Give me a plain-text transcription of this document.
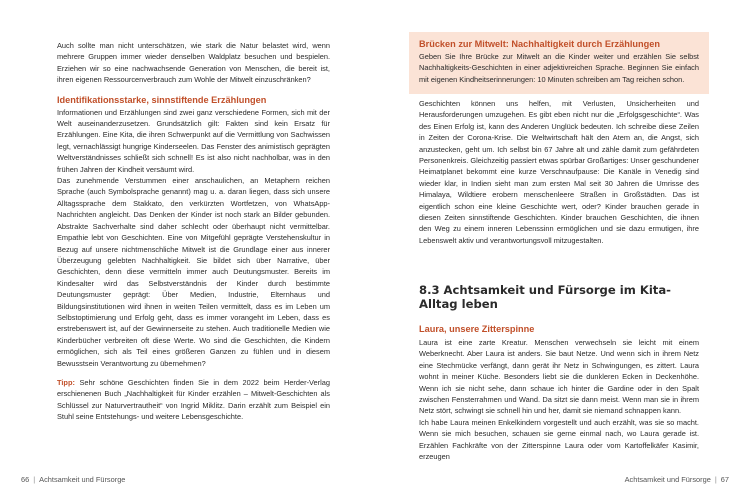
Auch sollte man nicht unterschätzen, wie stark die Natur belastet wird, wenn mehrere Gruppen immer wieder denselben Waldplatz besuchen und bespielen. Erziehen wir so eine nachwachsende Generation von Menschen, die bereit ist, ihren eigenen Ressourcenverbrauch zum Wohle der Mitwelt einzuschränken?

Identifikationsstarke, sinnstiftende Erzählungen

Informationen und Erzählungen sind zwei ganz verschiedene Formen, sich mit der Welt auseinanderzusetzen. Grundsätzlich gilt: Fakten sind kein Ersatz für Erzählungen. Eine Kita, die ihren Schwerpunkt auf die Vermittlung von Sachwissen legt, vernachlässigt hungrige Kinderseelen. Das Fenster des animistisch geprägten Weltverständnisses schließt sich schnell! Es ist also nicht nachholbar, was in den frühen Jahren der Kindheit versäumt wird.

Das zunehmende Verstummen einer anschaulichen, an Metaphern reichen Sprache (auch Symbolsprache genannt) mag u. a. daran liegen, dass sich unsere Alltagssprache dem Stakkato, den verkürzten Wortfetzen, von WhatsApp-Nachrichten angleicht. Das Denken der Kinder ist noch stark an Bilder gebunden. Abstrakte Sachverhalte sind daher schlecht oder überhaupt nicht vermittelbar. Empathie lebt von Geschichten. Eine von Mitgefühl geprägte Verstehenskultur in Bezug auf unsere nichtmenschliche Mitwelt ist die Grundlage einer aus innerer Überzeugung gelebten Nachhaltigkeit. Sie bildet sich über Narrative, über Geschichten, denn diese vermitteln immer auch Deutungsmuster. Bereits im Kindesalter wird das Selbstverständnis der Kinder durch bestimmte Deutungsmuster geprägt: Über Medien, Industrie, Elternhaus und Bildungsinstitutionen wird ihnen in weiten Teilen vermittelt, dass es im Leben um Selbstoptimierung und Erfolg geht, dass es immer vorangeht im Leben, dass es erstrebenswert ist, auf der Gewinnerseite zu stehen. Auch traditionelle Medien wie Kinderbücher verbreiten oft diese Werte. Wo sind die Geschichten, die Kindern ermöglichen, sich als Teil eines größeren Ganzen zu fühlen und in diesem Bewusstsein Verantwortung zu übernehmen?

Tipp: Sehr schöne Geschichten finden Sie in dem 2022 beim Herder-Verlag erschienenen Buch „Nachhaltigkeit für Kinder erzählen – Mitwelt-Geschichten als Schlüssel zur Naturvertrautheit“ von Ingrid Miklitz. Darin erzählt zum Beispiel ein Stuhl seine Entstehungs- und weitere Lebensgeschichte.

66 | Achtsamkeit und Fürsorge
Brücken zur Mitwelt: Nachhaltigkeit durch Erzählungen

Geben Sie Ihre Brücke zur Mitwelt an die Kinder weiter und erzählen Sie selbst Nachhaltigkeits-Geschichten in einer adjektivreichen Sprache. Beginnen Sie einfach mit eigenen Kindheitserinnerungen: 10 Minuten schreiben am Tag reichen schon.

Geschichten können uns helfen, mit Verlusten, Unsicherheiten und Herausforderungen umzugehen. Es gibt eben nicht nur die „Erfolgsgeschichte“. Was des Einen Erfolg ist, kann des Anderen Unglück bedeuten. Ich schreibe diese Zeilen in Zeiten der Corona-Krise. Die Weltwirtschaft hält den Atem an, die Angst, sich anzustecken, geht um. Ich selbst bin 67 Jahre alt und zähle damit zum gefährdeten Personenkreis. Gleichzeitig passiert etwas spürbar Großartiges: Unser geschundener Heimatplanet bekommt eine kurze Verschnaufpause: Die Kanäle in Venedig sind wieder klar, in Indien sieht man zum ersten Mal seit 30 Jahren die Umrisse des Himalaya, Wildtiere erobern menschenleere Straßen in Großstädten. Das ist eigentlich schon eine kleine Geschichte wert, oder? Kinder brauchen gerade in diesen Zeiten sinnstiftende Geschichten. Kinder brauchen Geschichten, die ihnen den Weg zu einem inneren Lebenssinn ermöglichen und sie dazu ermutigen, ihre Lebenswelt aktiv und verantwortungsvoll mitzugestalten.

8.3 Achtsamkeit und Fürsorge im Kita-Alltag leben
Laura, unsere Zitterspinne

Laura ist eine zarte Kreatur. Menschen verwechseln sie leicht mit einem Weberknecht. Aber Laura ist anders. Sie baut Netze. Und wenn sich in ihrem Netz eine Stechmücke verfängt, dann gerät ihr Netz in Schwingungen, es zittert. Laura wohnt in meiner Küche. Besonders liebt sie die dunkleren Ecken in Deckenhöhe. Wenn ich sie nicht sehe, dann schaue ich hinter die Gardine oder in den Spalt zwischen Fensterrahmen und Wand. Da sitzt sie dann meist. Wenn man sie in ihrem Netz stört, schwingt sie schnell hin und her, damit sie niemand schnappen kann.

Ich habe Laura meinen Enkelkindern vorgestellt und auch erzählt, was sie so macht. Wenn sie mich besuchen, schauen sie gerne einmal nach, wo Laura gerade ist. Erzählen Fachkräfte von der Zitterspinne Laura oder vom Kartoffelkäfer Kasimir, erzeugen

Achtsamkeit und Fürsorge | 67
